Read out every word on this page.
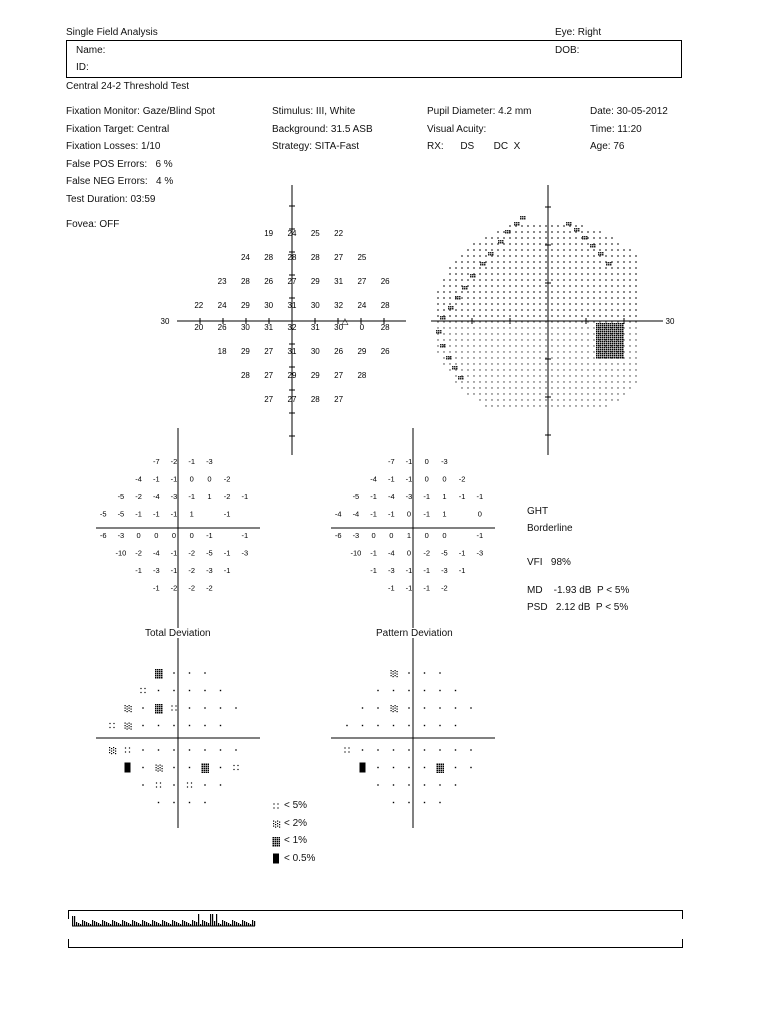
Single Field Analysis	Eye: Right
Name:	DOB:
ID:
Central 24-2 Threshold Test
Fixation Monitor: Gaze/Blind Spot
Fixation Target: Central
Fixation Losses: 1/10
False POS Errors:   6 %
False NEG Errors:   4 %
Test Duration: 03:59
Fovea: OFF
Stimulus: III, White
Background: 31.5 ASB
Strategy: SITA-Fast
Pupil Diameter: 4.2 mm
Visual Acuity:
RX:      DS       DC  X
Date: 30-05-2012
Time: 11:20
Age: 76
30
19 24 25 22
24 28 28 28 27 25
23 28 26 27 29 31 27 26
22 24 29 30 31 30 32 24 28
20 26 30 31 32 31 30 0 28
18 29 27 31 30 26 29 26
28 27 29 29 27 28
27 27 28 27
△	30
-7 -2 -1 -3
-4 -1 -1 0 0 -2
-5 -2 -4 -3 -1 1 -2 -1
-5 -5 -1 -1 -1 1	-1
-6 -3 0 0 0 0 -1	-1
-10 -2 -4 -1 -2 -5 -1 -3
-1 -3 -1 -2 -3 -1
-1 -2 -2 -2
-7 -1 0 -3
-4 -1 -1 0 0 -2
-5 -1 -4 -3 -1 1 -1 -1
-4 -4 -1 -1 0 -1 1	0
-6 -3 0 0 1 0 0	-1
-10 -1 -4 0 -2 -5 -1 -3
-1 -3 -1 -1 -3 -1
-1 -1 -1 -2
GHT
Borderline
VFI   98%
MD    -1.93 dB  P < 5%
PSD   2.12 dB  P < 5%
Total Deviation	Pattern Deviation
< 5%
< 2%
< 1%
< 0.5%
